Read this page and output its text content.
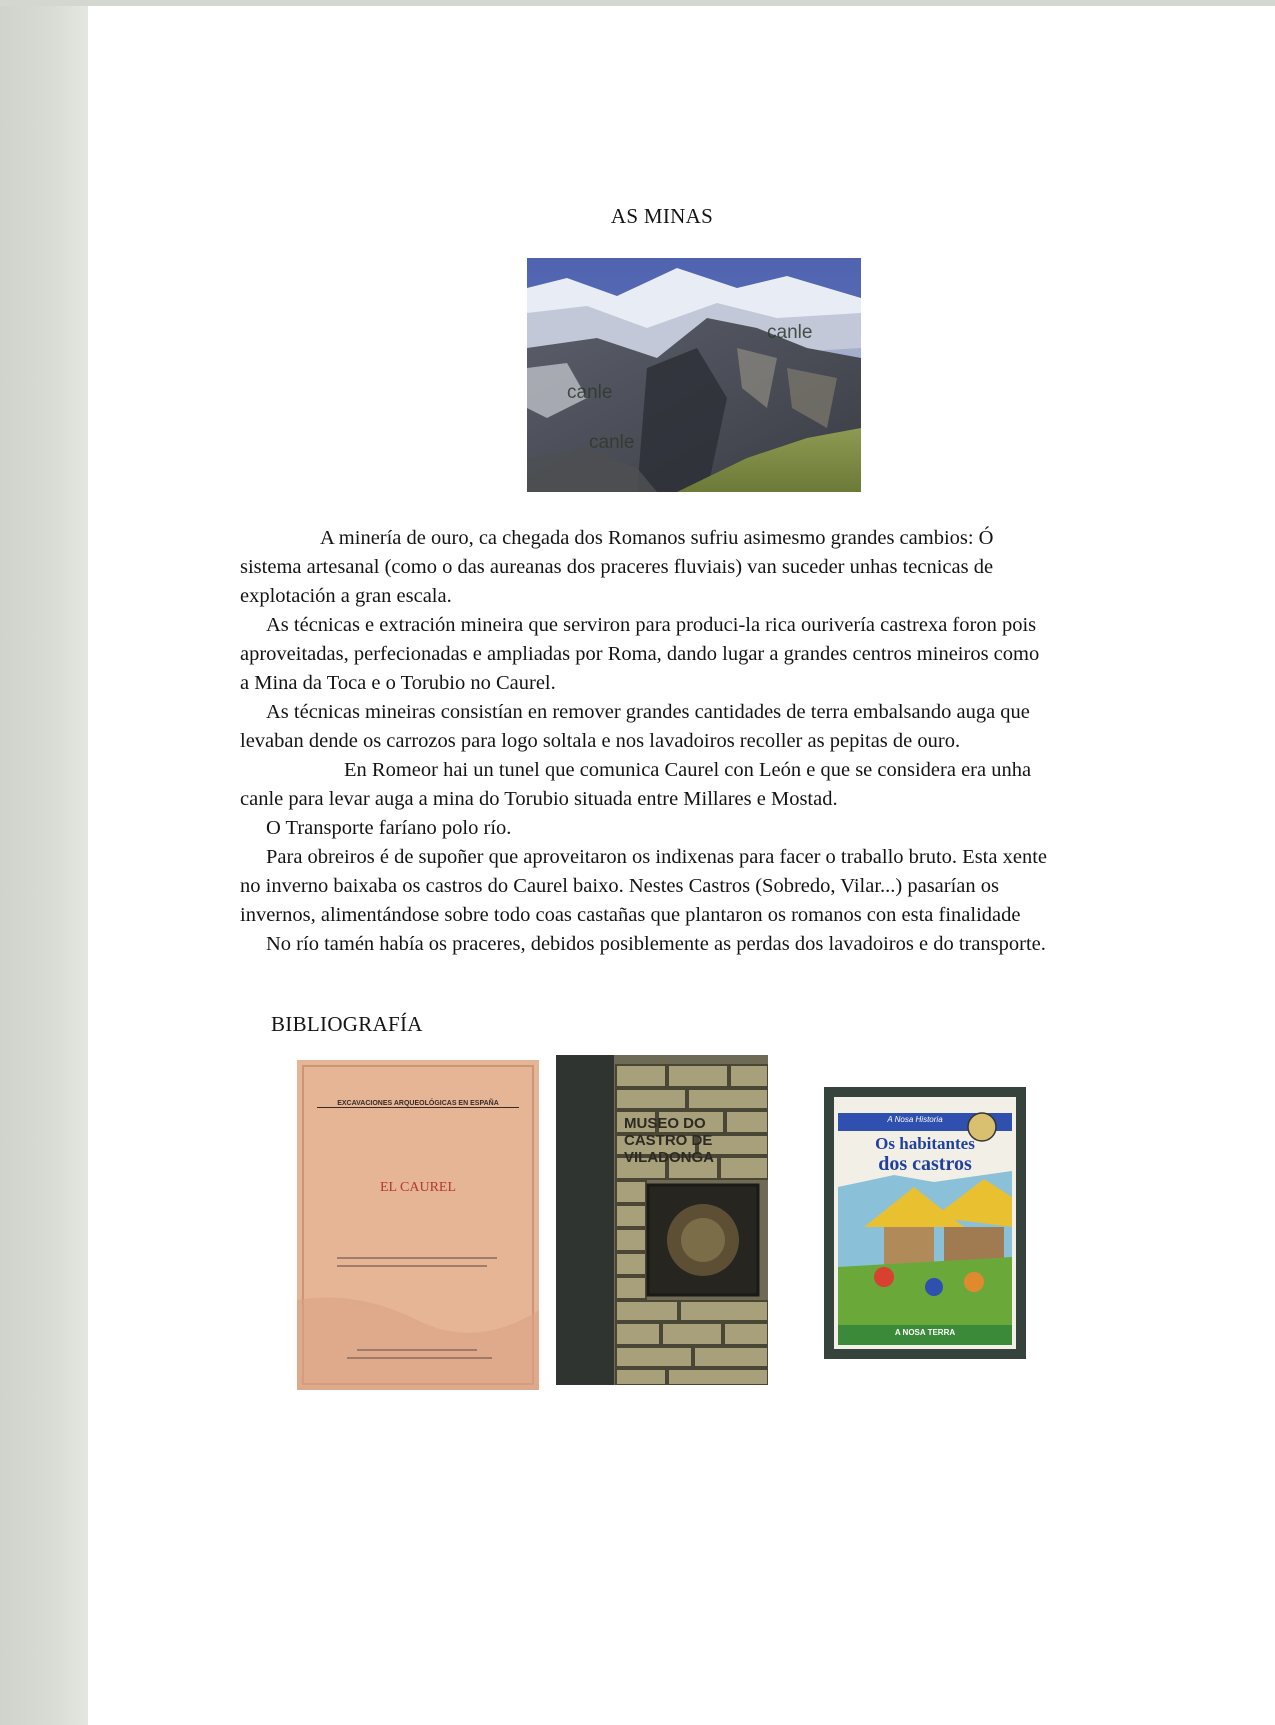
AS MINAS
canle
canle
canle

A minería de ouro, ca chegada dos Romanos sufriu asimesmo grandes cambios: Ó

sistema artesanal (como o das aureanas dos praceres fluviais) van suceder unhas tecnicas de

explotación a gran escala.

As técnicas e extración mineira que serviron para produci-la rica ourivería castrexa foron pois

aproveitadas, perfecionadas e ampliadas por Roma, dando lugar a grandes centros mineiros como

a Mina da Toca e o Torubio no Caurel.

As técnicas mineiras consistían en remover grandes cantidades de terra embalsando auga que

levaban dende os carrozos para logo soltala e nos lavadoiros recoller as pepitas de ouro.

En Romeor hai un tunel que comunica Caurel con León e que se considera era unha

canle para levar auga a mina do Torubio situada entre Millares e Mostad.

O Transporte faríano polo río.

Para obreiros é de supoñer que aproveitaron os indixenas para facer o traballo bruto. Esta xente

no inverno baixaba os castros do Caurel baixo. Nestes Castros (Sobredo, Vilar...) pasarían os

invernos, alimentándose sobre todo coas castañas que plantaron os romanos con esta finalidade

No río tamén había os praceres, debidos posiblemente as perdas dos lavadoiros e do transporte.

BIBLIOGRAFÍA
EXCAVACIONES ARQUEOLÓGICAS EN ESPAÑA
EL CAUREL
MUSEO DO CASTRO DE VILADONGA
A Nosa Historia
Os habitantes
dos castros
A NOSA TERRA
